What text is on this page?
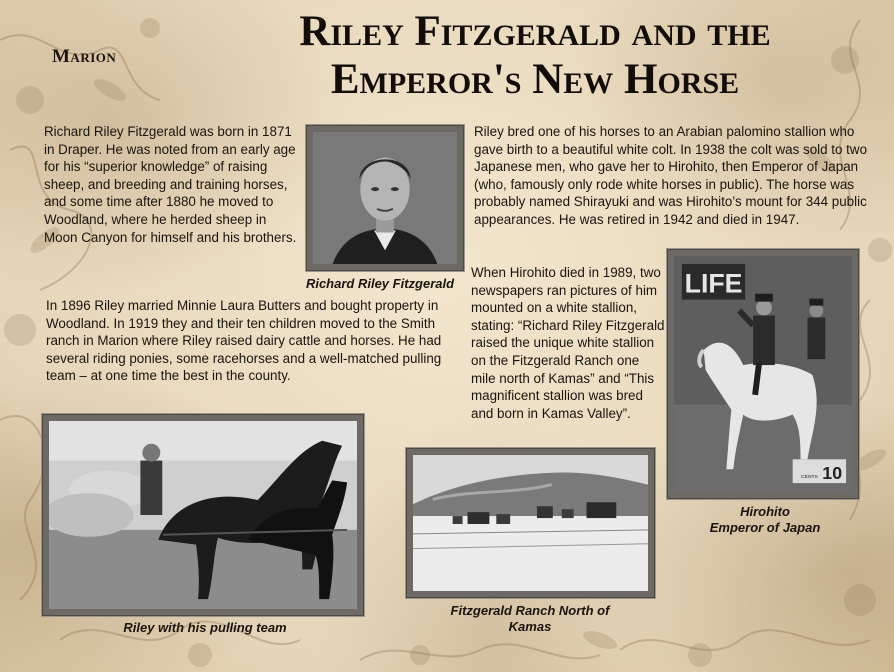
Marion
Riley Fitzgerald and the
Emperor's New Horse

Richard Riley Fitzgerald was born in 1871 in Draper. He was noted from an early age for his “superior knowledge” of raising sheep, and breeding and training horses, and some time after 1880 he moved to Woodland, where he herded sheep in Moon Canyon for himself and his brothers.

Richard Riley Fitzgerald

Riley bred one of his horses to an Arabian palomino stallion who gave birth to a beautiful white colt. In 1938 the colt was sold to two Japanese men, who gave her to Hirohito, then Emperor of Japan (who, famously only rode white horses in public). The horse was probably named Shirayuki and was Hirohito’s mount for 344 public appearances. He was retired in 1942 and died in 1947.

In 1896 Riley married Minnie Laura Butters and bought property in Woodland. In 1919 they and their ten children moved to the Smith ranch in Marion where Riley raised dairy cattle and horses. He had several riding ponies, some racehorses and a well-matched pulling team – at one time the best in the county.

When Hirohito died in 1989, two newspapers ran pictures of him mounted on a white stallion, stating: “Richard Riley Fitzgerald raised the unique white stallion on the Fitzgerald Ranch one mile north of Kamas” and “This magnificent stallion was bred and born in Kamas Valley”.

LIFE
10
CENTS
Hirohito
Emperor of Japan

Riley with his pulling team

Fitzgerald Ranch North of
Kamas
